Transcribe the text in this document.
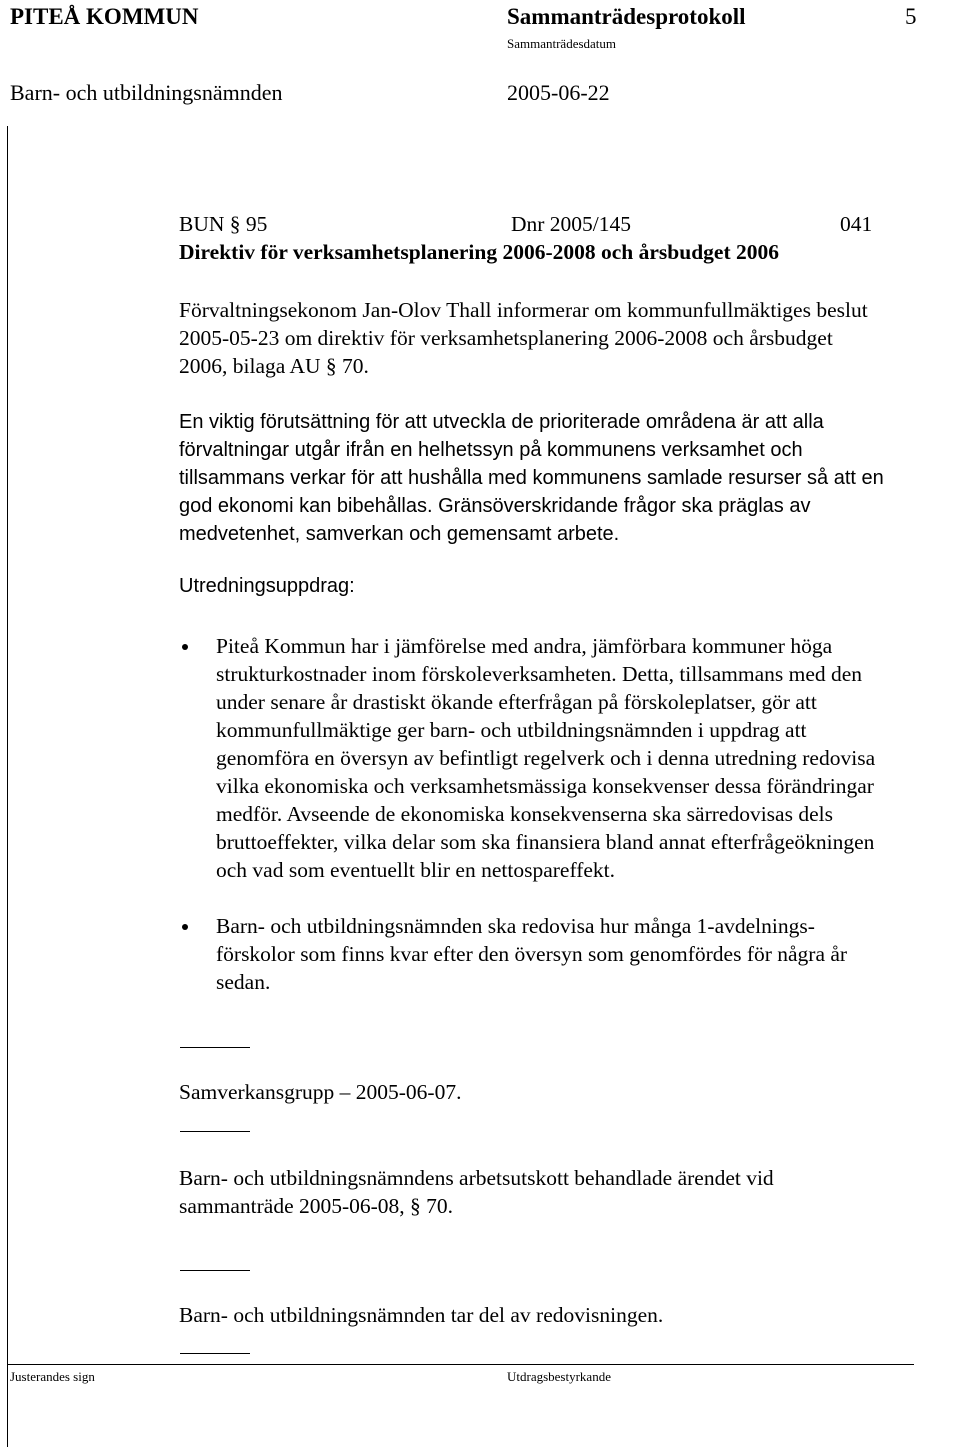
PITEÅ KOMMUN	Sammanträdesprotokoll	5
Sammanträdesdatum
Barn- och utbildningsnämnden	2005-06-22
BUN § 95	Dnr 2005/145	041
Direktiv för verksamhetsplanering 2006-2008 och årsbudget 2006
Förvaltningsekonom Jan-Olov Thall informerar om kommunfullmäktiges beslut
2005-05-23 om direktiv för verksamhetsplanering 2006-2008 och årsbudget
2006, bilaga AU § 70.
En viktig förutsättning för att utveckla de prioriterade områdena är att alla
förvaltningar utgår ifrån en helhetssyn på kommunens verksamhet och
tillsammans verkar för att hushålla med kommunens samlade resurser så att en
god ekonomi kan bibehållas. Gränsöverskridande frågor ska präglas av
medvetenhet, samverkan och gemensamt arbete.
Utredningsuppdrag:
Piteå Kommun har i jämförelse med andra, jämförbara kommuner höga
strukturkostnader inom förskoleverksamheten. Detta, tillsammans med den
under senare år drastiskt ökande efterfrågan på förskoleplatser, gör att
kommunfullmäktige ger barn- och utbildningsnämnden i uppdrag att
genomföra en översyn av befintligt regelverk och i denna utredning redovisa
vilka ekonomiska och verksamhetsmässiga konsekvenser dessa förändringar
medför. Avseende de ekonomiska konsekvenserna ska särredovisas dels
bruttoeffekter, vilka delar som ska finansiera bland annat efterfrågeökningen
och vad som eventuellt blir en nettospareffekt.
Barn- och utbildningsnämnden ska redovisa hur många 1-avdelnings-
förskolor som finns kvar efter den översyn som genomfördes för några år
sedan.
Samverkansgrupp – 2005-06-07.
Barn- och utbildningsnämndens arbetsutskott behandlade ärendet vid
sammanträde 2005-06-08, § 70.
Barn- och utbildningsnämnden tar del av redovisningen.
Justerandes sign	Utdragsbestyrkande
